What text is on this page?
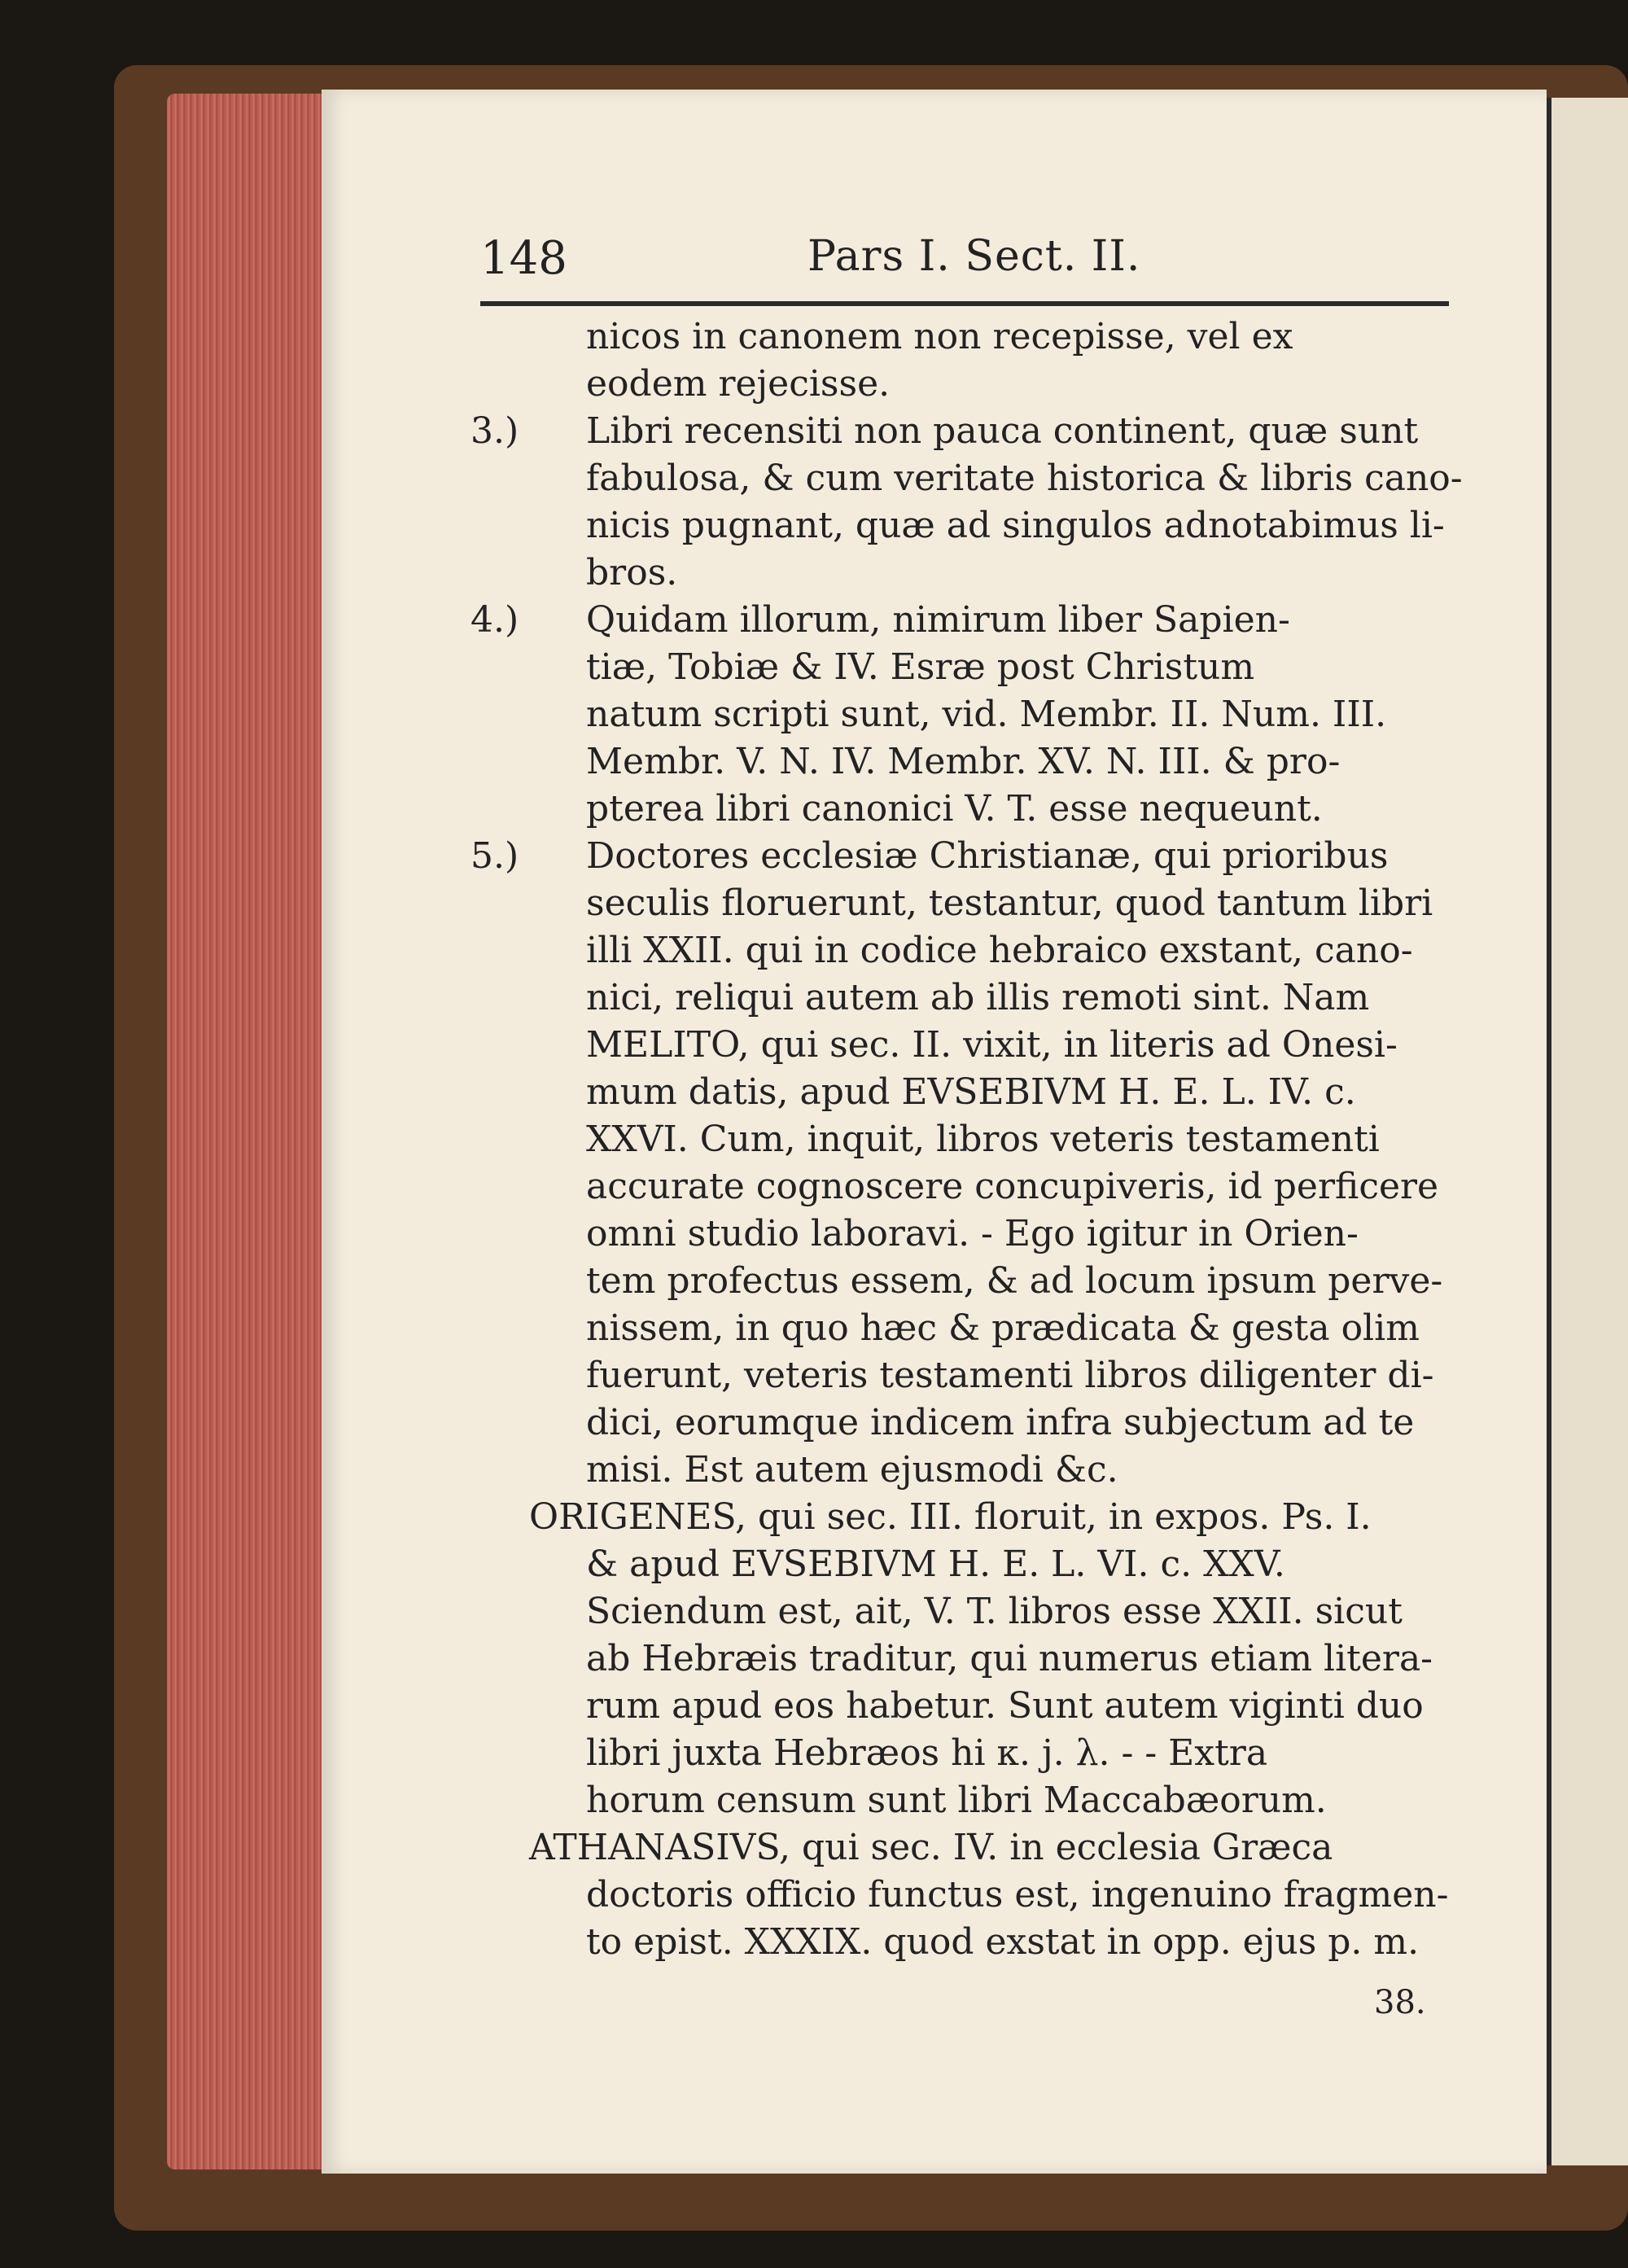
148	Pars I. Sect. II.
nicos in canonem non recepisse, vel ex
eodem rejecisse.
3.) Libri recensiti non pauca continent, quæ sunt
fabulosa, & cum veritate historica & libris cano-
nicis pugnant, quæ ad singulos adnotabimus li-
bros.
4.) Quidam illorum, nimirum liber Sapien-
tiæ, Tobiæ & IV. Esræ post Christum
natum scripti sunt, vid. Membr. II. Num. III.
Membr. V. N. IV. Membr. XV. N. III. & pro-
pterea libri canonici V. T. esse nequeunt.
5.) Doctores ecclesiæ Christianæ, qui prioribus
seculis floruerunt, testantur, quod tantum libri
illi XXII. qui in codice hebraico exstant, cano-
nici, reliqui autem ab illis remoti sint. Nam
MELITO, qui sec. II. vixit, in literis ad Onesi-
mum datis, apud EVSEBIVM H. E. L. IV. c.
XXVI. Cum, inquit, libros veteris testamenti
accurate cognoscere concupiveris, id perficere
omni studio laboravi. - Ego igitur in Orien-
tem profectus essem, & ad locum ipsum perve-
nissem, in quo hæc & prædicata & gesta olim
fuerunt, veteris testamenti libros diligenter di-
dici, eorumque indicem infra subjectum ad te
misi. Est autem ejusmodi &c.
ORIGENES, qui sec. III. floruit, in expos. Ps. I.
& apud EVSEBIVM H. E. L. VI. c. XXV.
Sciendum est, ait, V. T. libros esse XXII. sicut
ab Hebræis traditur, qui numerus etiam litera-
rum apud eos habetur. Sunt autem viginti duo
libri juxta Hebræos hi κ. ϳ. λ. - - Extra
horum censum sunt libri Maccabæorum.
ATHANASIVS, qui sec. IV. in ecclesia Græca
doctoris officio functus est, ingenuino fragmen-
to epist. XXXIX. quod exstat in opp. ejus p. m.
38.
